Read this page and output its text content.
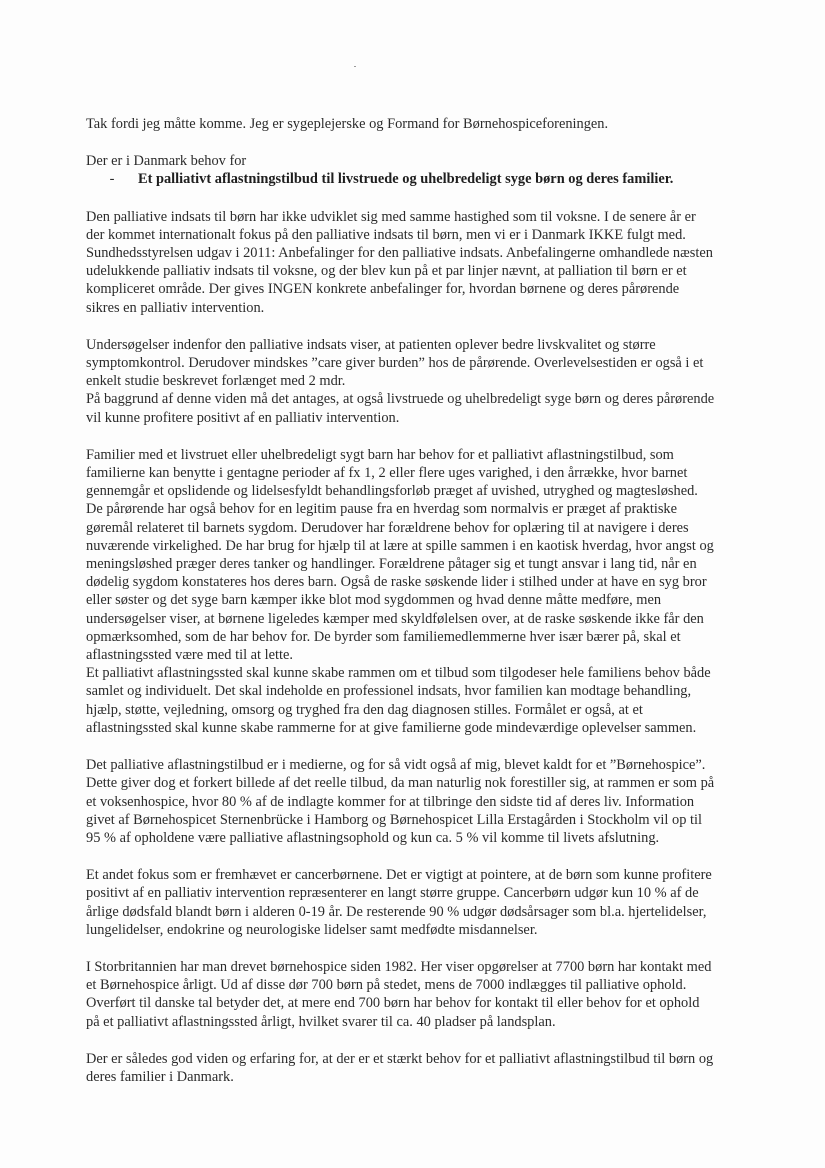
Tak fordi jeg måtte komme. Jeg er sygeplejerske og Formand for Børnehospiceforeningen.
Der er i Danmark behov for
- Et palliativt aflastningstilbud til livstruede og uhelbredeligt syge børn og deres familier.
Den palliative indsats til børn har ikke udviklet sig med samme hastighed som til voksne. I de senere år er
der kommet internationalt fokus på den palliative indsats til børn, men vi er i Danmark IKKE fulgt med.
Sundhedsstyrelsen udgav i 2011: Anbefalinger for den palliative indsats. Anbefalingerne omhandlede næsten
udelukkende palliativ indsats til voksne, og der blev kun på et par linjer nævnt, at palliation til børn er et
kompliceret område. Der gives INGEN konkrete anbefalinger for, hvordan børnene og deres pårørende
sikres en palliativ intervention.
Undersøgelser indenfor den palliative indsats viser, at patienten oplever bedre livskvalitet og større
symptomkontrol. Derudover mindskes ”care giver burden” hos de pårørende. Overlevelsestiden er også i et
enkelt studie beskrevet forlænget med 2 mdr.
På baggrund af denne viden må det antages, at også livstruede og uhelbredeligt syge børn og deres pårørende
vil kunne profitere positivt af en palliativ intervention.
Familier med et livstruet eller uhelbredeligt sygt barn har behov for et palliativt aflastningstilbud, som
familierne kan benytte i gentagne perioder af fx 1, 2 eller flere uges varighed, i den årrække, hvor barnet
gennemgår et opslidende og lidelsesfyldt behandlingsforløb præget af uvished, utryghed og magtesløshed.
De pårørende har også behov for en legitim pause fra en hverdag som normalvis er præget af praktiske
gøremål relateret til barnets sygdom. Derudover har forældrene behov for oplæring til at navigere i deres
nuværende virkelighed. De har brug for hjælp til at lære at spille sammen i en kaotisk hverdag, hvor angst og
meningsløshed præger deres tanker og handlinger. Forældrene påtager sig et tungt ansvar i lang tid, når en
dødelig sygdom konstateres hos deres barn. Også de raske søskende lider i stilhed under at have en syg bror
eller søster og det syge barn kæmper ikke blot mod sygdommen og hvad denne måtte medføre, men
undersøgelser viser, at børnene ligeledes kæmper med skyldfølelsen over, at de raske søskende ikke får den
opmærksomhed, som de har behov for. De byrder som familiemedlemmerne hver især bærer på, skal et
aflastningssted være med til at lette.
Et palliativt aflastningssted skal kunne skabe rammen om et tilbud som tilgodeser hele familiens behov både
samlet og individuelt. Det skal indeholde en professionel indsats, hvor familien kan modtage behandling,
hjælp, støtte, vejledning, omsorg og tryghed fra den dag diagnosen stilles. Formålet er også, at et
aflastningssted skal kunne skabe rammerne for at give familierne gode mindeværdige oplevelser sammen.
Det palliative aflastningstilbud er i medierne, og for så vidt også af mig, blevet kaldt for et ”Børnehospice”.
Dette giver dog et forkert billede af det reelle tilbud, da man naturlig nok forestiller sig, at rammen er som på
et voksenhospice, hvor 80 % af de indlagte kommer for at tilbringe den sidste tid af deres liv. Information
givet af Børnehospicet Sternenbrücke i Hamborg og Børnehospicet Lilla Erstagården i Stockholm vil op til
95 % af opholdene være palliative aflastningsophold og kun ca. 5 % vil komme til livets afslutning.
Et andet fokus som er fremhævet er cancerbørnene. Det er vigtigt at pointere, at de børn som kunne profitere
positivt af en palliativ intervention repræsenterer en langt større gruppe. Cancerbørn udgør kun 10 % af de
årlige dødsfald blandt børn i alderen 0-19 år. De resterende 90 % udgør dødsårsager som bl.a. hjertelidelser,
lungelidelser, endokrine og neurologiske lidelser samt medfødte misdannelser.
I Storbritannien har man drevet børnehospice siden 1982. Her viser opgørelser at 7700 børn har kontakt med
et Børnehospice årligt. Ud af disse dør 700 børn på stedet, mens de 7000 indlægges til palliative ophold.
Overført til danske tal betyder det, at mere end 700 børn har behov for kontakt til eller behov for et ophold
på et palliativt aflastningssted årligt, hvilket svarer til ca. 40 pladser på landsplan.
Der er således god viden og erfaring for, at der er et stærkt behov for et palliativt aflastningstilbud til børn og
deres familier i Danmark.
